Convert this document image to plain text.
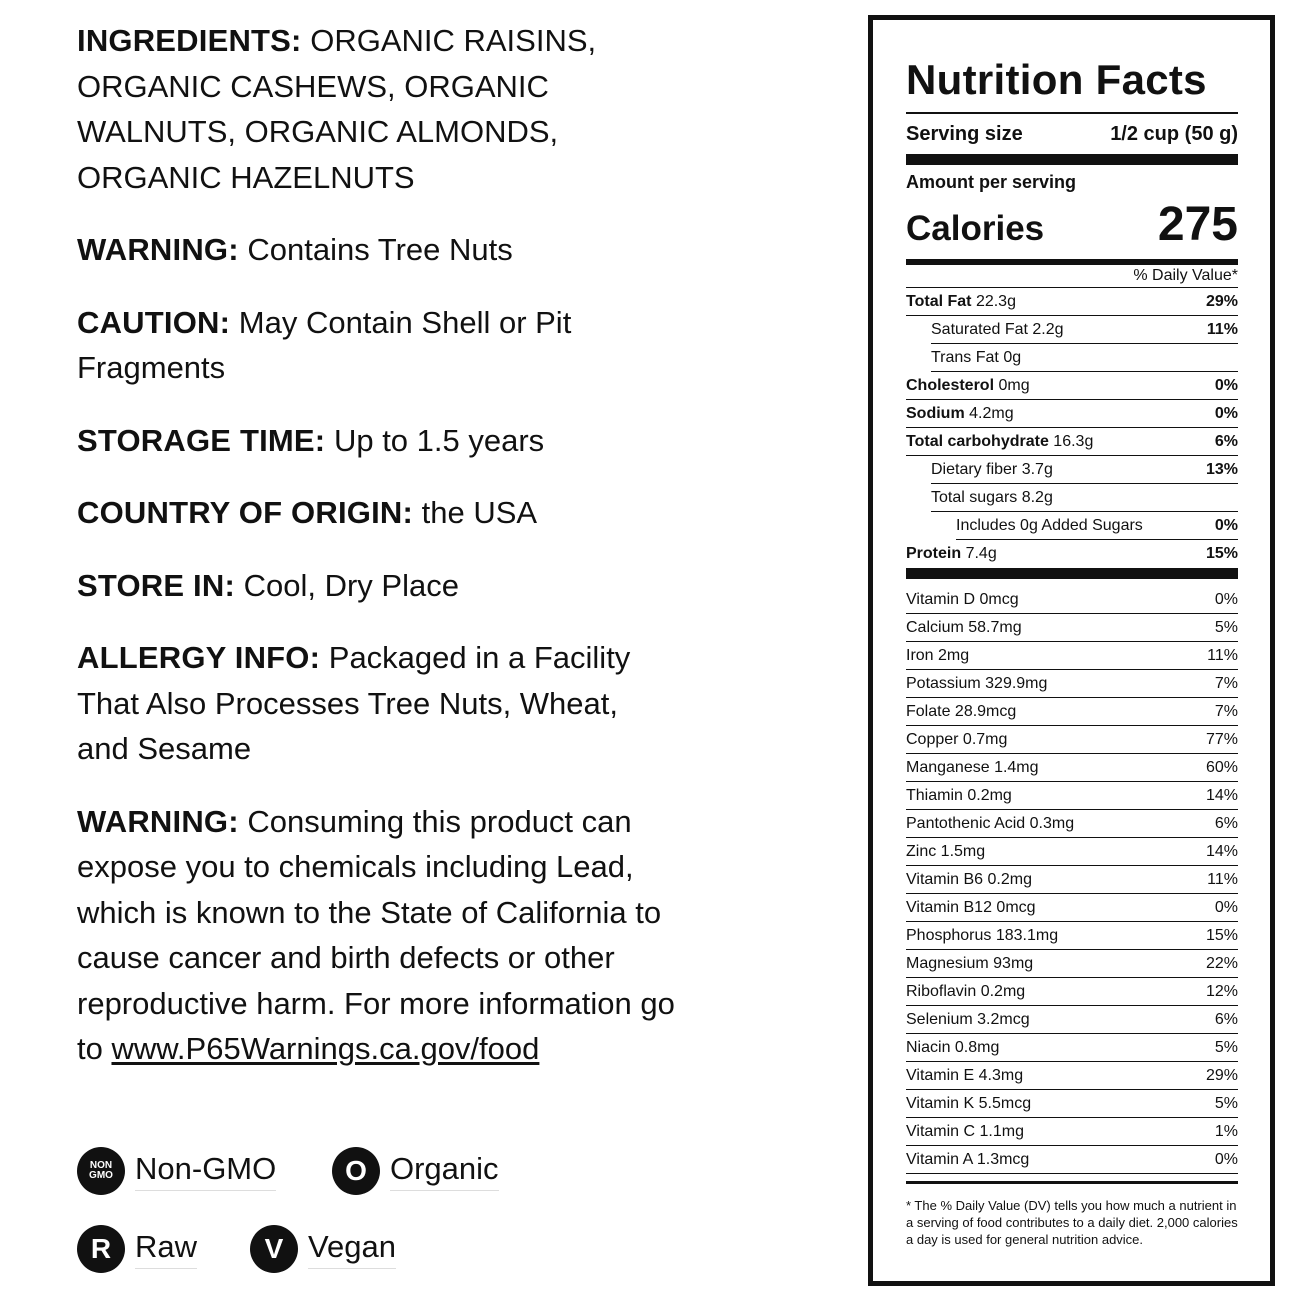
INGREDIENTS: ORGANIC RAISINS, ORGANIC CASHEWS, ORGANIC WALNUTS, ORGANIC ALMONDS, ORGANIC HAZELNUTS

WARNING: Contains Tree Nuts

CAUTION: May Contain Shell or Pit Fragments

STORAGE TIME: Up to 1.5 years

COUNTRY OF ORIGIN: the USA

STORE IN: Cool, Dry Place

ALLERGY INFO: Packaged in a Facility That Also Processes Tree Nuts, Wheat, and Sesame

WARNING: Consuming this product can expose you to chemicals including Lead, which is known to the State of California to cause cancer and birth defects or other reproductive harm. For more information go to www.P65Warnings.ca.gov/food

NON
GMO Non-GMO	O Organic
R Raw	V Vegan
Nutrition Facts
Serving size	1/2 cup (50 g)
Amount per serving
Calories 275
% Daily Value*
Total Fat 22.3g	29%
Saturated Fat 2.2g	11%
Trans Fat 0g
Cholesterol 0mg	0%
Sodium 4.2mg	0%
Total carbohydrate 16.3g	6%
Dietary fiber 3.7g	13%
Total sugars 8.2g
Includes 0g Added Sugars	0%
Protein 7.4g	15%
Vitamin D 0mcg	0%
Calcium 58.7mg	5%
Iron 2mg	11%
Potassium 329.9mg	7%
Folate 28.9mcg	7%
Copper 0.7mg	77%
Manganese 1.4mg	60%
Thiamin 0.2mg	14%
Pantothenic Acid 0.3mg	6%
Zinc 1.5mg	14%
Vitamin B6 0.2mg	11%
Vitamin B12 0mcg	0%
Phosphorus 183.1mg	15%
Magnesium 93mg	22%
Riboflavin 0.2mg	12%
Selenium 3.2mcg	6%
Niacin 0.8mg	5%
Vitamin E 4.3mg	29%
Vitamin K 5.5mcg	5%
Vitamin C 1.1mg	1%
Vitamin A 1.3mcg	0%
* The % Daily Value (DV) tells you how much a nutrient in a serving of food contributes to a daily diet. 2,000 calories a day is used for general nutrition advice.
